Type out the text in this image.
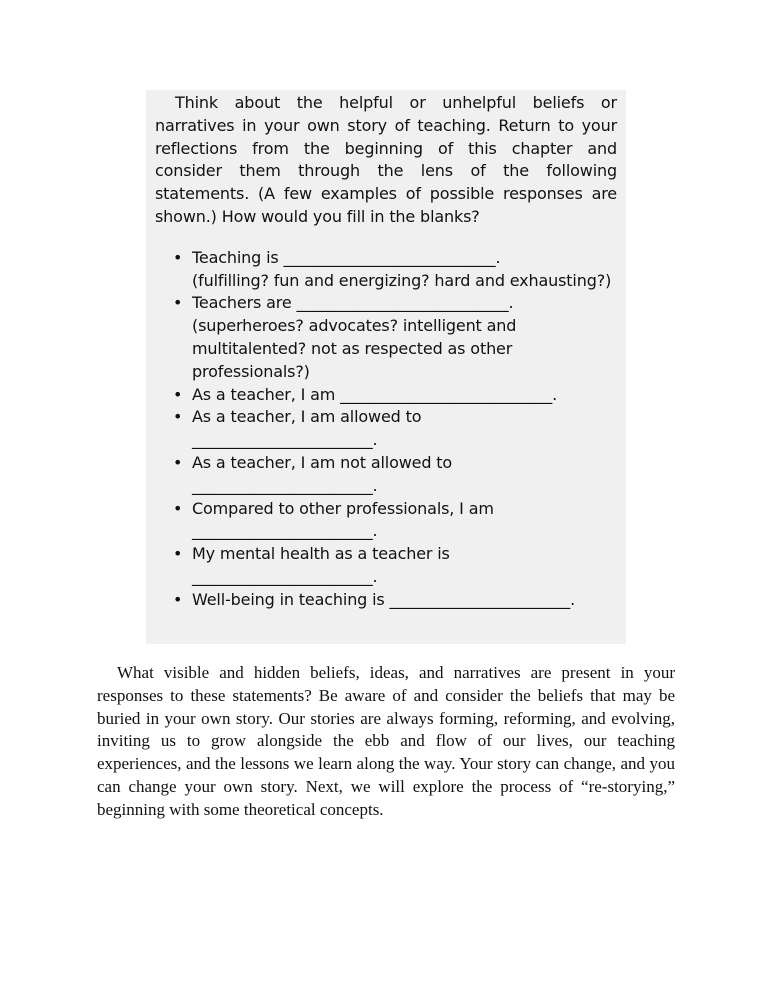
Think about the helpful or unhelpful beliefs or narratives in your own story of teaching. Return to your reflections from the beginning of this chapter and consider them through the lens of the following statements. (A few examples of possible responses are shown.) How would you fill in the blanks?

• Teaching is ___________________________.
(fulfilling? fun and energizing? hard and exhausting?)
• Teachers are ___________________________.
(superheroes? advocates? intelligent and multitalented? not as respected as other professionals?)
• As a teacher, I am ___________________________.
• As a teacher, I am allowed to
_______________________.
• As a teacher, I am not allowed to
_______________________.
• Compared to other professionals, I am
_______________________.
• My mental health as a teacher is
_______________________.
• Well-being in teaching is _______________________.

What visible and hidden beliefs, ideas, and narratives are present in your responses to these statements? Be aware of and consider the beliefs that may be buried in your own story. Our stories are always forming, reforming, and evolving, inviting us to grow alongside the ebb and flow of our lives, our teaching experiences, and the lessons we learn along the way. Your story can change, and you can change your own story. Next, we will explore the process of “re-storying,” beginning with some theoretical concepts.
